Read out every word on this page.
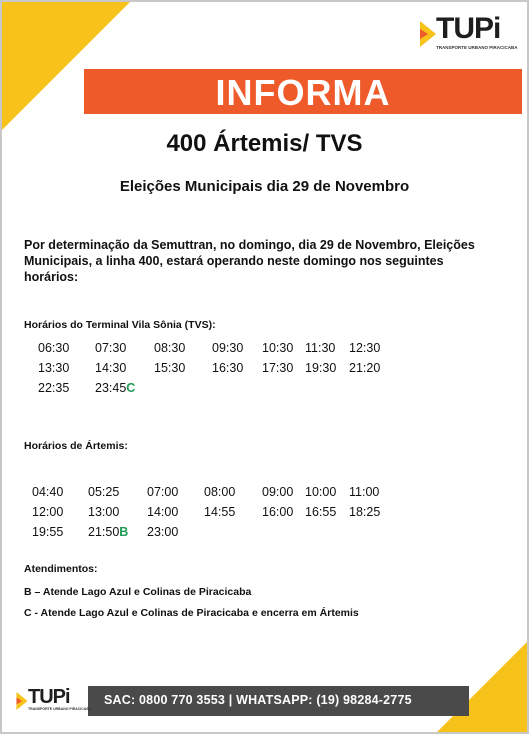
TUPi
TRANSPORTE URBANO PIRACICABA
INFORMA
400 Ártemis/ TVS
Eleições Municipais dia 29 de Novembro
Por determinação da Semuttran, no domingo, dia 29 de Novembro, Eleições Municipais, a linha 400, estará operando neste domingo nos seguintes horários:
Horários do Terminal Vila Sônia (TVS):
06:30 07:30 08:30 09:30 10:30 11:30 12:30
13:30 14:30 15:30 16:30 17:30 19:30 21:20
22:35 23:45C
Horários de Ártemis:
04:40 05:25 07:00 08:00 09:00 10:00 11:00
12:00 13:00 14:00 14:55 16:00 16:55 18:25
19:55 21:50B 23:00
Atendimentos:
B – Atende Lago Azul e Colinas de Piracicaba
C - Atende Lago Azul e Colinas de Piracicaba e encerra em Ártemis
TUPi
TRANSPORTE URBANO PIRACICABA
SAC: 0800 770 3553 | WHATSAPP: (19) 98284-2775
